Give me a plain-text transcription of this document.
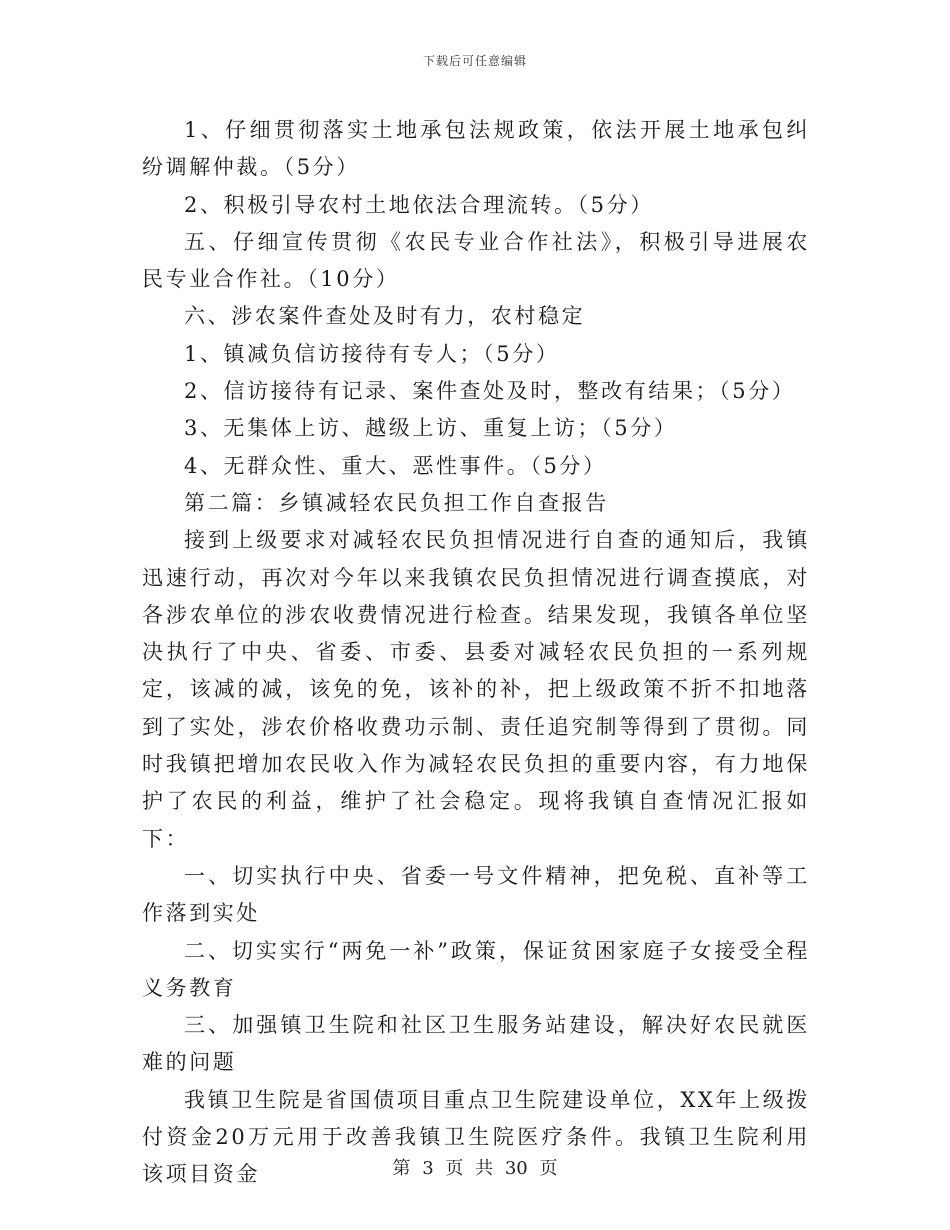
下载后可任意编辑

1、仔细贯彻落实土地承包法规政策，依法开展土地承包纠纷调解仲裁。（5分）

2、积极引导农村土地依法合理流转。（5分）

五、仔细宣传贯彻《农民专业合作社法》，积极引导进展农民专业合作社。（10分）

六、涉农案件查处及时有力，农村稳定

1、镇减负信访接待有专人；（5分）

2、信访接待有记录、案件查处及时，整改有结果；（5分）

3、无集体上访、越级上访、重复上访；（5分）

4、无群众性、重大、恶性事件。（5分）

第二篇：乡镇减轻农民负担工作自查报告

接到上级要求对减轻农民负担情况进行自查的通知后，我镇迅速行动，再次对今年以来我镇农民负担情况进行调查摸底，对各涉农单位的涉农收费情况进行检查。结果发现，我镇各单位坚决执行了中央、省委、市委、县委对减轻农民负担的一系列规定，该减的减，该免的免，该补的补，把上级政策不折不扣地落到了实处，涉农价格收费功示制、责任追究制等得到了贯彻。同时我镇把增加农民收入作为减轻农民负担的重要内容，有力地保护了农民的利益，维护了社会稳定。现将我镇自查情况汇报如下：

一、切实执行中央、省委一号文件精神，把免税、直补等工作落到实处

二、切实实行“两免一补”政策，保证贫困家庭子女接受全程义务教育

三、加强镇卫生院和社区卫生服务站建设，解决好农民就医难的问题

我镇卫生院是省国债项目重点卫生院建设单位，XX年上级拨付资金20万元用于改善我镇卫生院医疗条件。我镇卫生院利用该项目资金	第 3 页 共 30 页
